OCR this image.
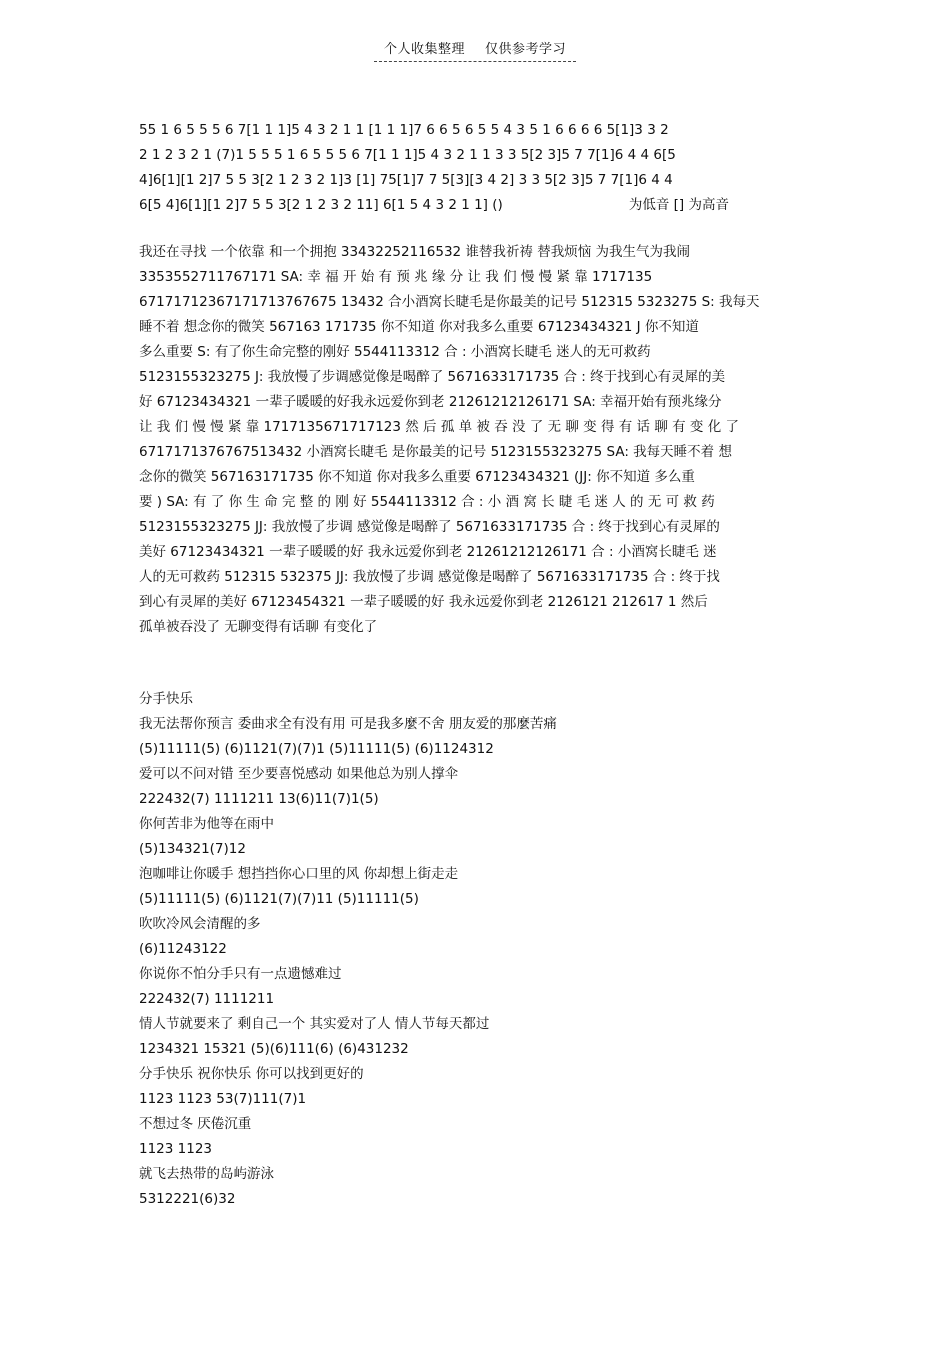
个人收集整理 仅供参考学习
55 1 6 5 5 5 6 7[1 1 1]5 4 3 2 1 1 [1 1 1]7 6 6 5 6 5 5 4 3 5 1 6 6 6 6 5[1]3 3 2
2 1 2 3 2 1 (7)1 5 5 5 1 6 5 5 5 6 7[1 1 1]5 4 3 2 1 1 3 3 5[2 3]5 7 7[1]6 4 4 6[5
4]6[1][1 2]7 5 5 3[2 1 2 3 2 1]3 [1] 75[1]7 7 5[3][3 4 2] 3 3 5[2 3]5 7 7[1]6 4 4
6[5 4]6[1][1 2]7 5 5 3[2 1 2 3 2 11] 6[1 5 4 3 2 1 1] ()	为低音 [] 为高音
我还在寻找 一个依靠 和一个拥抱 33432252116532 谁替我祈祷 替我烦恼 为我生气为我闹
3353552711767171 SA: 幸 福 开 始 有 预 兆 缘 分 让 我 们 慢 慢 紧 靠 1717135
67171712367171713767675 13432 合小酒窝长睫毛是你最美的记号 512315 5323275 S: 我每天
睡不着 想念你的微笑 567163 171735 你不知道 你对我多么重要 67123434321 J 你不知道
多么重要 S: 有了你生命完整的刚好 5544113312 合 : 小酒窝长睫毛 迷人的无可救药
5123155323275 J: 我放慢了步调感觉像是喝醉了 5671633171735 合 : 终于找到心有灵犀的美
好 67123434321 一辈子暖暖的好我永远爱你到老 21261212126171 SA: 幸福开始有预兆缘分
让 我 们 慢 慢 紧 靠 1717135671717123 然 后 孤 单 被 吞 没 了 无 聊 变 得 有 话 聊 有 变 化 了
6717171376767513432 小酒窝长睫毛 是你最美的记号 5123155323275 SA: 我每天睡不着 想
念你的微笑 567163171735 你不知道 你对我多么重要 67123434321 (JJ: 你不知道 多么重
要 ) SA: 有 了 你 生 命 完 整 的 刚 好 5544113312 合 : 小 酒 窝 长 睫 毛 迷 人 的 无 可 救 药
5123155323275 JJ: 我放慢了步调 感觉像是喝醉了 5671633171735 合 : 终于找到心有灵犀的
美好 67123434321 一辈子暖暖的好 我永远爱你到老 21261212126171 合 : 小酒窝长睫毛 迷
人的无可救药 512315 532375 JJ: 我放慢了步调 感觉像是喝醉了 5671633171735 合 : 终于找
到心有灵犀的美好 67123454321 一辈子暖暖的好 我永远爱你到老 2126121 212617 1 然后
孤单被吞没了 无聊变得有话聊 有变化了
分手快乐
我无法帮你预言 委曲求全有没有用 可是我多麼不舍 朋友爱的那麼苦痛
(5)11111(5) (6)1121(7)(7)1 (5)11111(5) (6)1124312
爱可以不问对错 至少要喜悦感动 如果他总为别人撑伞
222432(7) 1111211 13(6)11(7)1(5)
你何苦非为他等在雨中
(5)134321(7)12
泡咖啡让你暖手 想挡挡你心口里的风 你却想上街走走
(5)11111(5) (6)1121(7)(7)11 (5)11111(5)
吹吹冷风会清醒的多
(6)11243122
你说你不怕分手只有一点遗憾难过
222432(7) 1111211
情人节就要来了 剩自己一个 其实爱对了人 情人节每天都过
1234321 15321 (5)(6)111(6) (6)431232
分手快乐 祝你快乐 你可以找到更好的
1123 1123 53(7)111(7)1
不想过冬 厌倦沉重
1123 1123
就飞去热带的岛屿游泳
5312221(6)32
